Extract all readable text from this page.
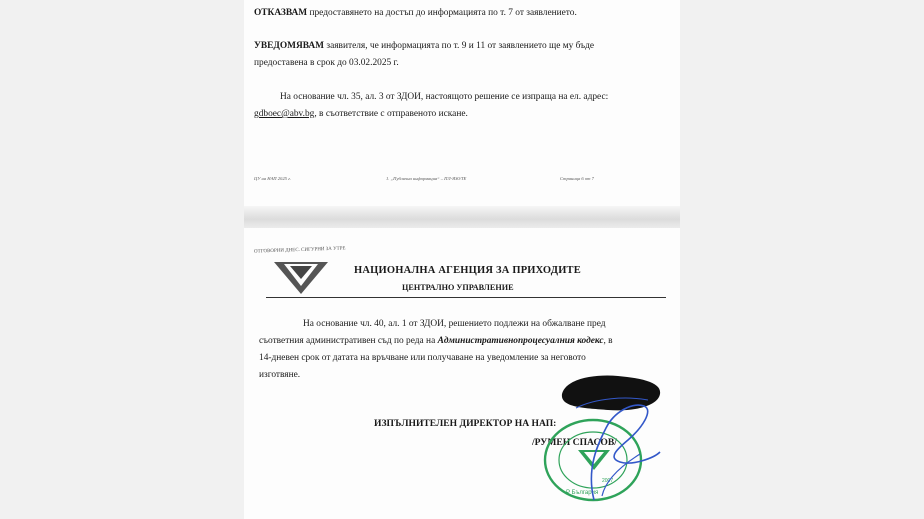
ОТКАЗВАМ предоставянето на достъп до информацията по т. 7 от заявлението.

УВЕДОМЯВАМ заявителя, че информацията по т. 9 и 11 от заявлението ще му бъде
предоставена в срок до 03.02.2025 г.

На основание чл. 35, ал. 3 от ЗДОИ, настоящото решение се изпраща на ел. адрес:
gdboec@abv.bg, в съответствие с отправеното искане.

ЦУ на НАП 2025 г.	1. „Публична информация“ – ПЛ-ЯЗ0/ТЕ	Страница 6 от 7
ОТГОВОРНИ ДНЕС. СИГУРНИ ЗА УТРЕ
НАЦИОНАЛНА АГЕНЦИЯ ЗА ПРИХОДИТЕ
ЦЕНТРАЛНО УПРАВЛЕНИЕ
На основание чл. 40, ал. 1 от ЗДОИ, решението подлежи на обжалване пред
съответния административен съд по реда на Административнопроцесуалния кодекс, в
14-дневен срок от датата на връчване или получаване на уведомление за неговото
изготвяне.
ИЗПЪЛНИТЕЛЕН ДИРЕКТОР НА НАП:
/РУМЕН СПАСОВ/
Р България
2007
